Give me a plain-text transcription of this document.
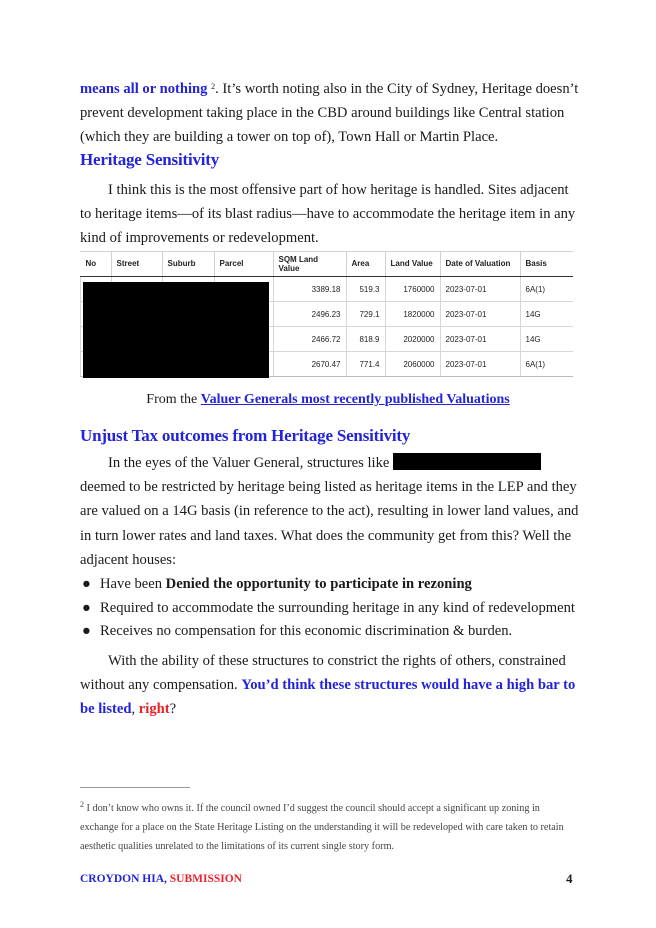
means all or nothing $^2$. It’s worth noting also in the City of Sydney, Heritage doesn’t prevent development taking place in the CBD around buildings like Central station (which they are building a tower on top of), Town Hall or Martin Place.

Heritage Sensitivity

I think this is the most offensive part of how heritage is handled. Sites adjacent to heritage items—of its blast radius—have to accommodate the heritage item in any kind of improvements or redevelopment.

No	Street	Suburb	Parcel	SQM Land Value	Area	Land Value	Date of Valuation	Basis
				3389.18	519.3	1760000	2023-07-01	6A(1)
				2496.23	729.1	1820000	2023-07-01	14G
				2466.72	818.9	2020000	2023-07-01	14G
				2670.47	771.4	2060000	2023-07-01	6A(1)

From the Valuer Generals most recently published Valuations

Unjust Tax outcomes from Heritage Sensitivity

In the eyes of the Valuer General, structures like  deemed to be restricted by heritage being listed as heritage items in the LEP and they are valued on a 14G basis (in reference to the act), resulting in lower land values, and in turn lower rates and land taxes. What does the community get from this? Well the adjacent houses:

● Have been Denied the opportunity to participate in rezoning
● Required to accommodate the surrounding heritage in any kind of redevelopment
● Receives no compensation for this economic discrimination & burden.

With the ability of these structures to constrict the rights of others, constrained without any compensation. You’d think these structures would have a high bar to be listed, right?

$^2$ I don’t know who owns it. If the council owned I’d suggest the council should accept a significant up zoning in exchange for a place on the State Heritage Listing on the understanding it will be redeveloped with care taken to retain aesthetic qualities unrelated to the limitations of its current single story form.

CROYDON HIA, SUBMISSION	4
